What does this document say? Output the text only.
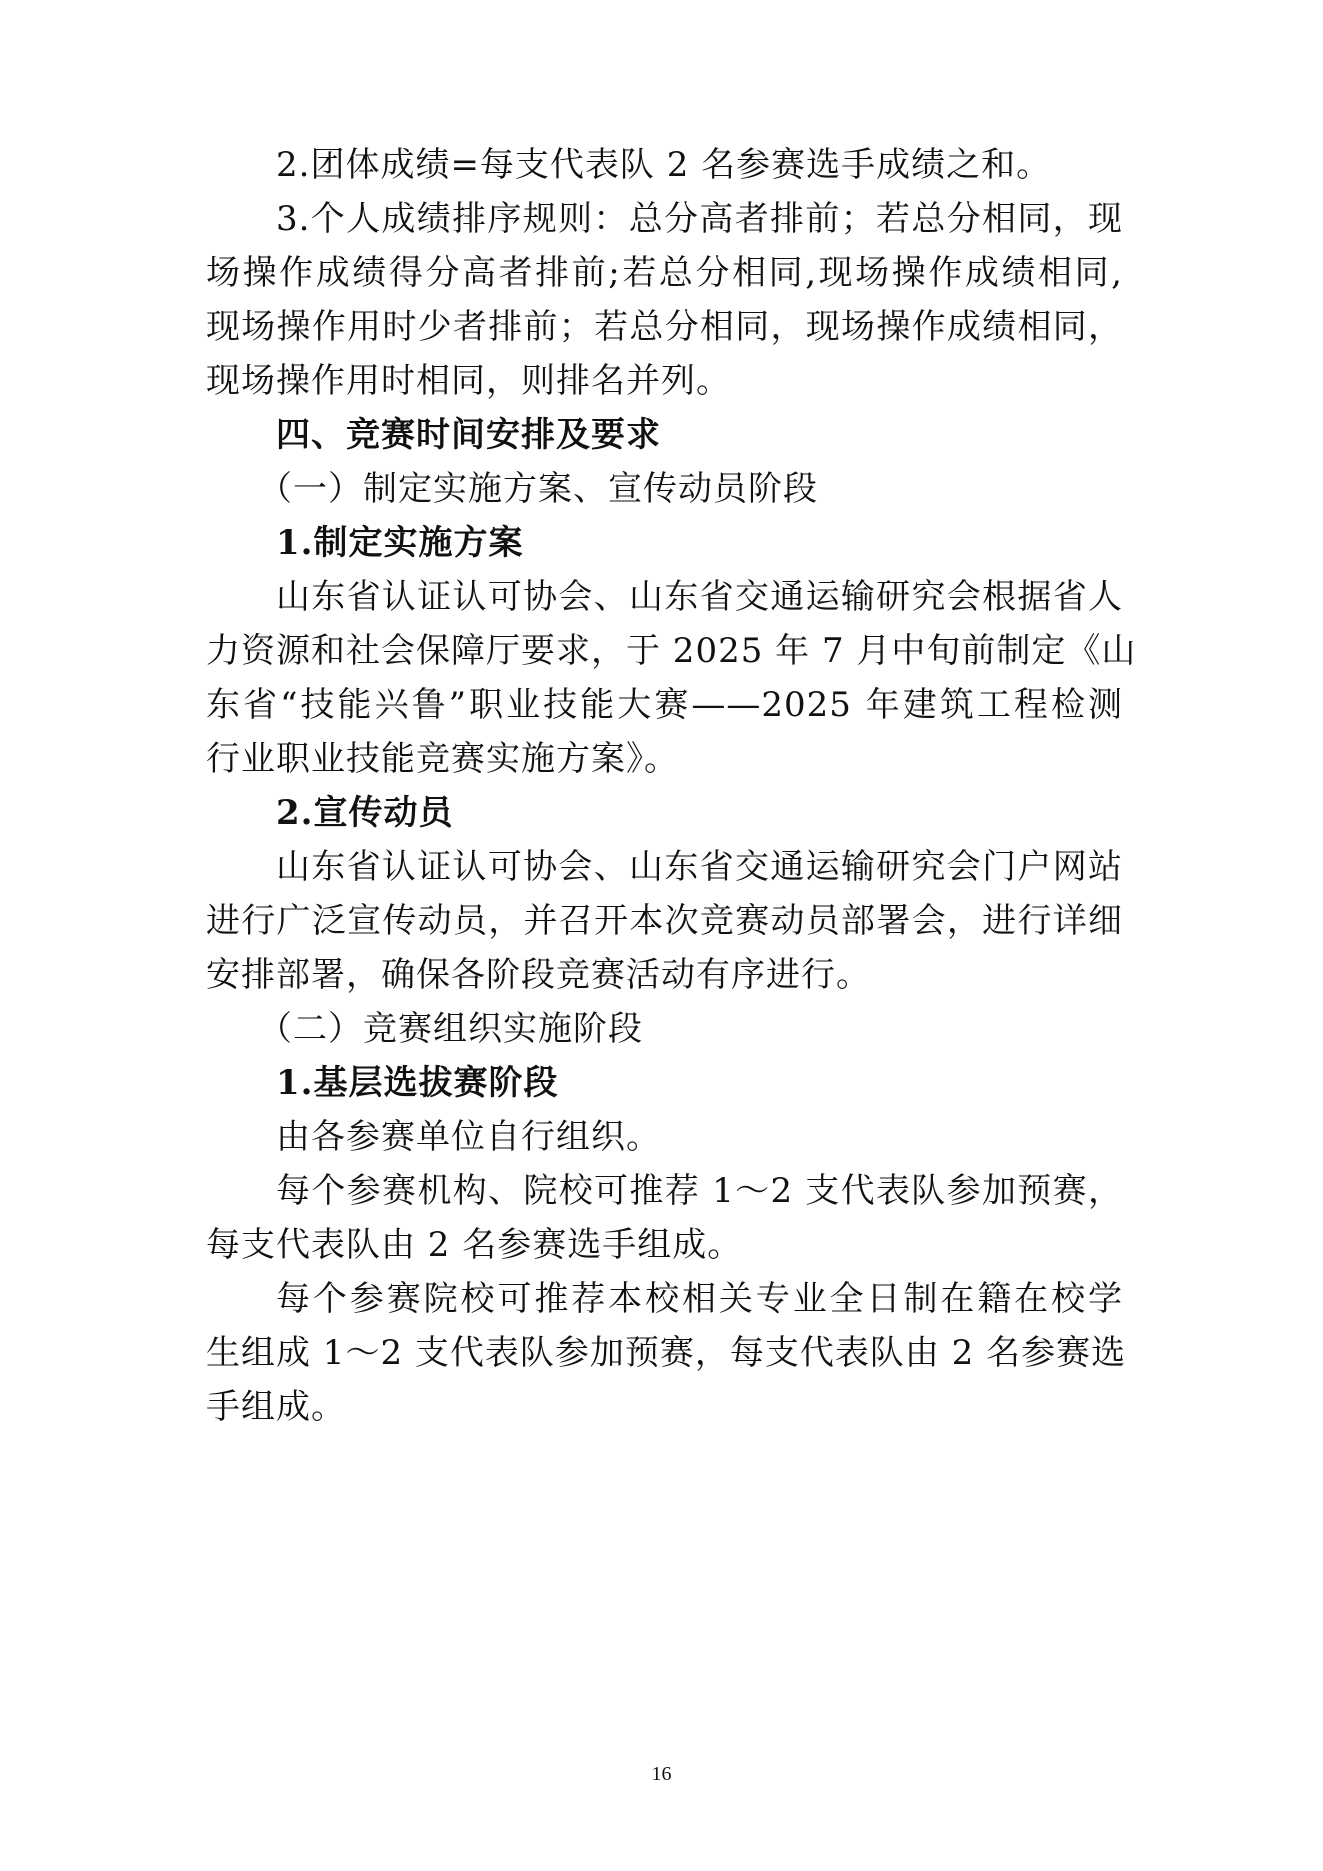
2.团体成绩=每支代表队 2 名参赛选手成绩之和。
3.个人成绩排序规则：总分高者排前；若总分相同，现
场操作成绩得分高者排前;若总分相同,现场操作成绩相同,
现场操作用时少者排前；若总分相同，现场操作成绩相同，
现场操作用时相同，则排名并列。
四、竞赛时间安排及要求
（一）制定实施方案、宣传动员阶段
1.制定实施方案
山东省认证认可协会、山东省交通运输研究会根据省人
力资源和社会保障厅要求，于 2025 年 7 月中旬前制定《山
东省“技能兴鲁”职业技能大赛——2025 年建筑工程检测
行业职业技能竞赛实施方案》。
2.宣传动员
山东省认证认可协会、山东省交通运输研究会门户网站
进行广泛宣传动员，并召开本次竞赛动员部署会，进行详细
安排部署，确保各阶段竞赛活动有序进行。
（二）竞赛组织实施阶段
1.基层选拔赛阶段
由各参赛单位自行组织。
每个参赛机构、院校可推荐 1～2 支代表队参加预赛，
每支代表队由 2 名参赛选手组成。
每个参赛院校可推荐本校相关专业全日制在籍在校学
生组成 1～2 支代表队参加预赛，每支代表队由 2 名参赛选
手组成。
16
